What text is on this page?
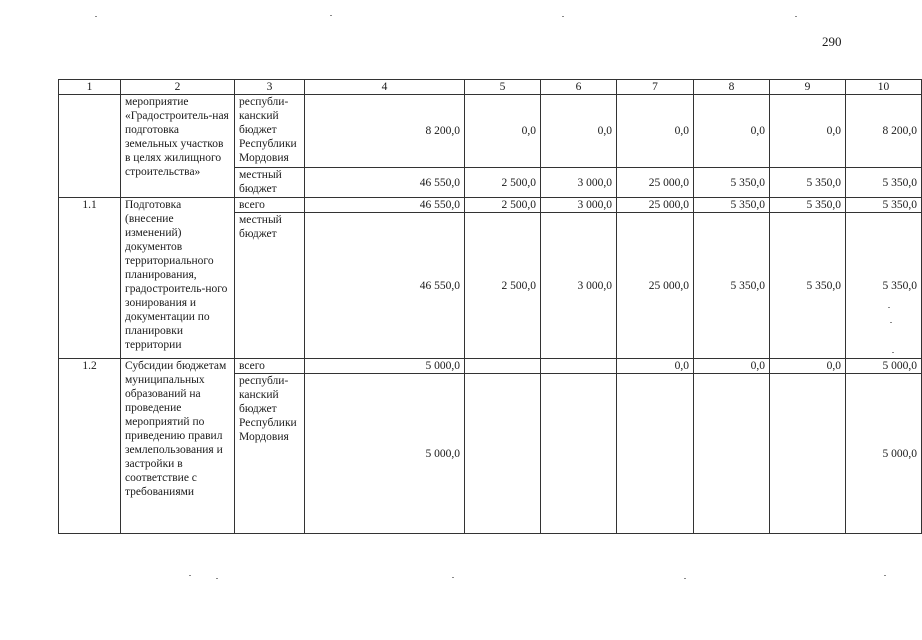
290
1	2	3	4	5	6	7	8	9	10
	мероприятие «Градостроитель-ная подготовка земельных участков в целях жилищного строительства»	республи-канский бюджет Республики Мордовия	8 200,0	0,0	0,0	0,0	0,0	0,0	8 200,0
		местный бюджет	46 550,0	2 500,0	3 000,0	25 000,0	5 350,0	5 350,0	5 350,0
1.1	Подготовка (внесение изменений) документов территориального планирования, градостроитель-ного зонирования и документации по планировки территории	всего	46 550,0	2 500,0	3 000,0	25 000,0	5 350,0	5 350,0	5 350,0
		местный бюджет	46 550,0	2 500,0	3 000,0	25 000,0	5 350,0	5 350,0	5 350,0
1.2	Субсидии бюджетам муниципальных образований на проведение мероприятий по приведению правил землепользования и застройки в соответствие с требованиями	всего	5 000,0			0,0	0,0	0,0	5 000,0
		республи-канский бюджет Республики Мордовия	5 000,0						5 000,0
